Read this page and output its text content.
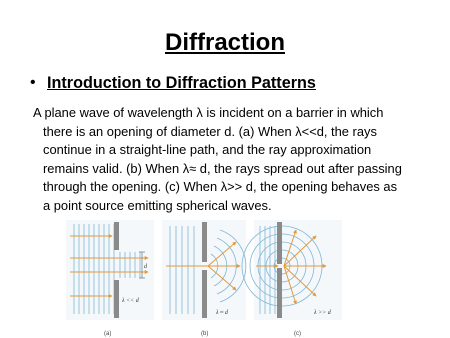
Diffraction
• Introduction to Diffraction Patterns
A plane wave of wavelength λ is incident on a barrier in which
there is an opening of diameter d. (a) When λ<<d, the rays
continue in a straight-line path, and the ray approximation
remains valid. (b) When λ≈ d, the rays spread out after passing
through the opening. (c) When λ>> d, the opening behaves as
a point source emitting spherical waves.
d
λ << d
(a)
λ ≈ d
(b)
λ >> d
(c)
